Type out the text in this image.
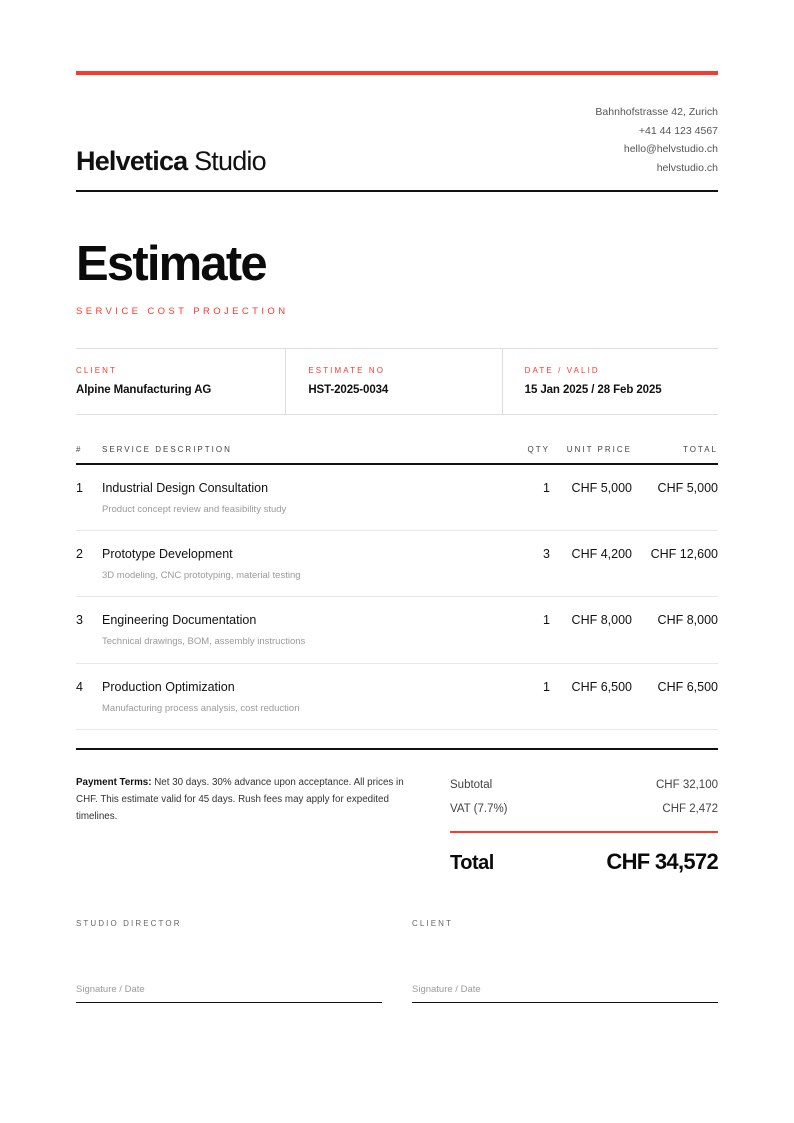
Helvetica Studio
Bahnhofstrasse 42, Zurich
+41 44 123 4567
hello@helvstudio.ch
helvstudio.ch
Estimate
SERVICE COST PROJECTION
CLIENT
Alpine Manufacturing AG
ESTIMATE NO
HST-2025-0034
DATE / VALID
15 Jan 2025 / 28 Feb 2025
#	SERVICE DESCRIPTION	QTY	UNIT PRICE	TOTAL
1	Industrial Design Consultation	1	CHF 5,000	CHF 5,000
Product concept review and feasibility study
2	Prototype Development	3	CHF 4,200	CHF 12,600
3D modeling, CNC prototyping, material testing
3	Engineering Documentation	1	CHF 8,000	CHF 8,000
Technical drawings, BOM, assembly instructions
4	Production Optimization	1	CHF 6,500	CHF 6,500
Manufacturing process analysis, cost reduction
Payment Terms: Net 30 days. 30% advance upon acceptance. All prices in CHF. This estimate valid for 45 days. Rush fees may apply for expedited timelines.
Subtotal	CHF 32,100
VAT (7.7%)	CHF 2,472
Total	CHF 34,572
STUDIO DIRECTOR
Signature / Date
CLIENT
Signature / Date
